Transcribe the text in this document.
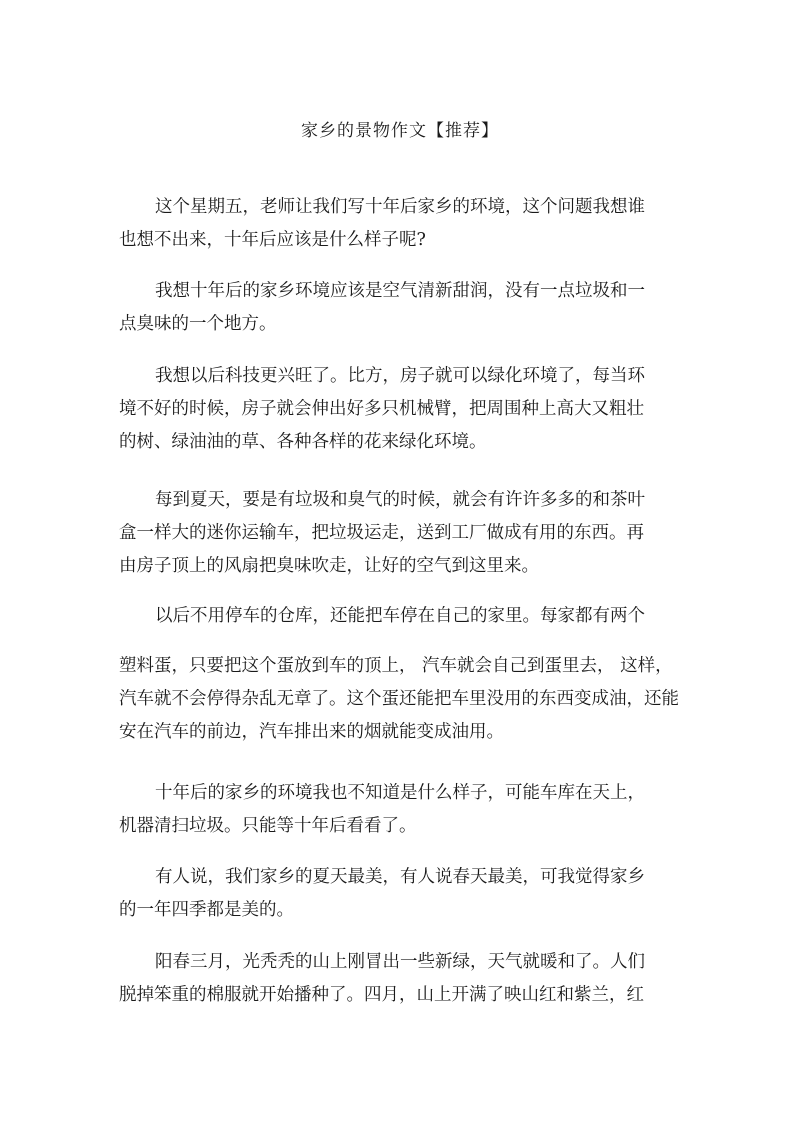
家乡的景物作文【推荐】
这个星期五，老师让我们写十年后家乡的环境，这个问题我想谁
也想不出来，十年后应该是什么样子呢?
我想十年后的家乡环境应该是空气清新甜润，没有一点垃圾和一
点臭味的一个地方。
我想以后科技更兴旺了。比方，房子就可以绿化环境了，每当环
境不好的时候，房子就会伸出好多只机械臂，把周围种上高大又粗壮
的树、绿油油的草、各种各样的花来绿化环境。
每到夏天，要是有垃圾和臭气的时候，就会有许许多多的和茶叶
盒一样大的迷你运输车，把垃圾运走，送到工厂做成有用的东西。再
由房子顶上的风扇把臭味吹走，让好的空气到这里来。
以后不用停车的仓库，还能把车停在自己的家里。每家都有两个
塑料蛋，只要把这个蛋放到车的顶上， 汽车就会自己到蛋里去， 这样，
汽车就不会停得杂乱无章了。这个蛋还能把车里没用的东西变成油，还能
安在汽车的前边，汽车排出来的烟就能变成油用。
十年后的家乡的环境我也不知道是什么样子，可能车库在天上，
机器清扫垃圾。只能等十年后看看了。
有人说，我们家乡的夏天最美，有人说春天最美，可我觉得家乡
的一年四季都是美的。
阳春三月，光秃秃的山上刚冒出一些新绿，天气就暖和了。人们
脱掉笨重的棉服就开始播种了。四月，山上开满了映山红和紫兰，红
